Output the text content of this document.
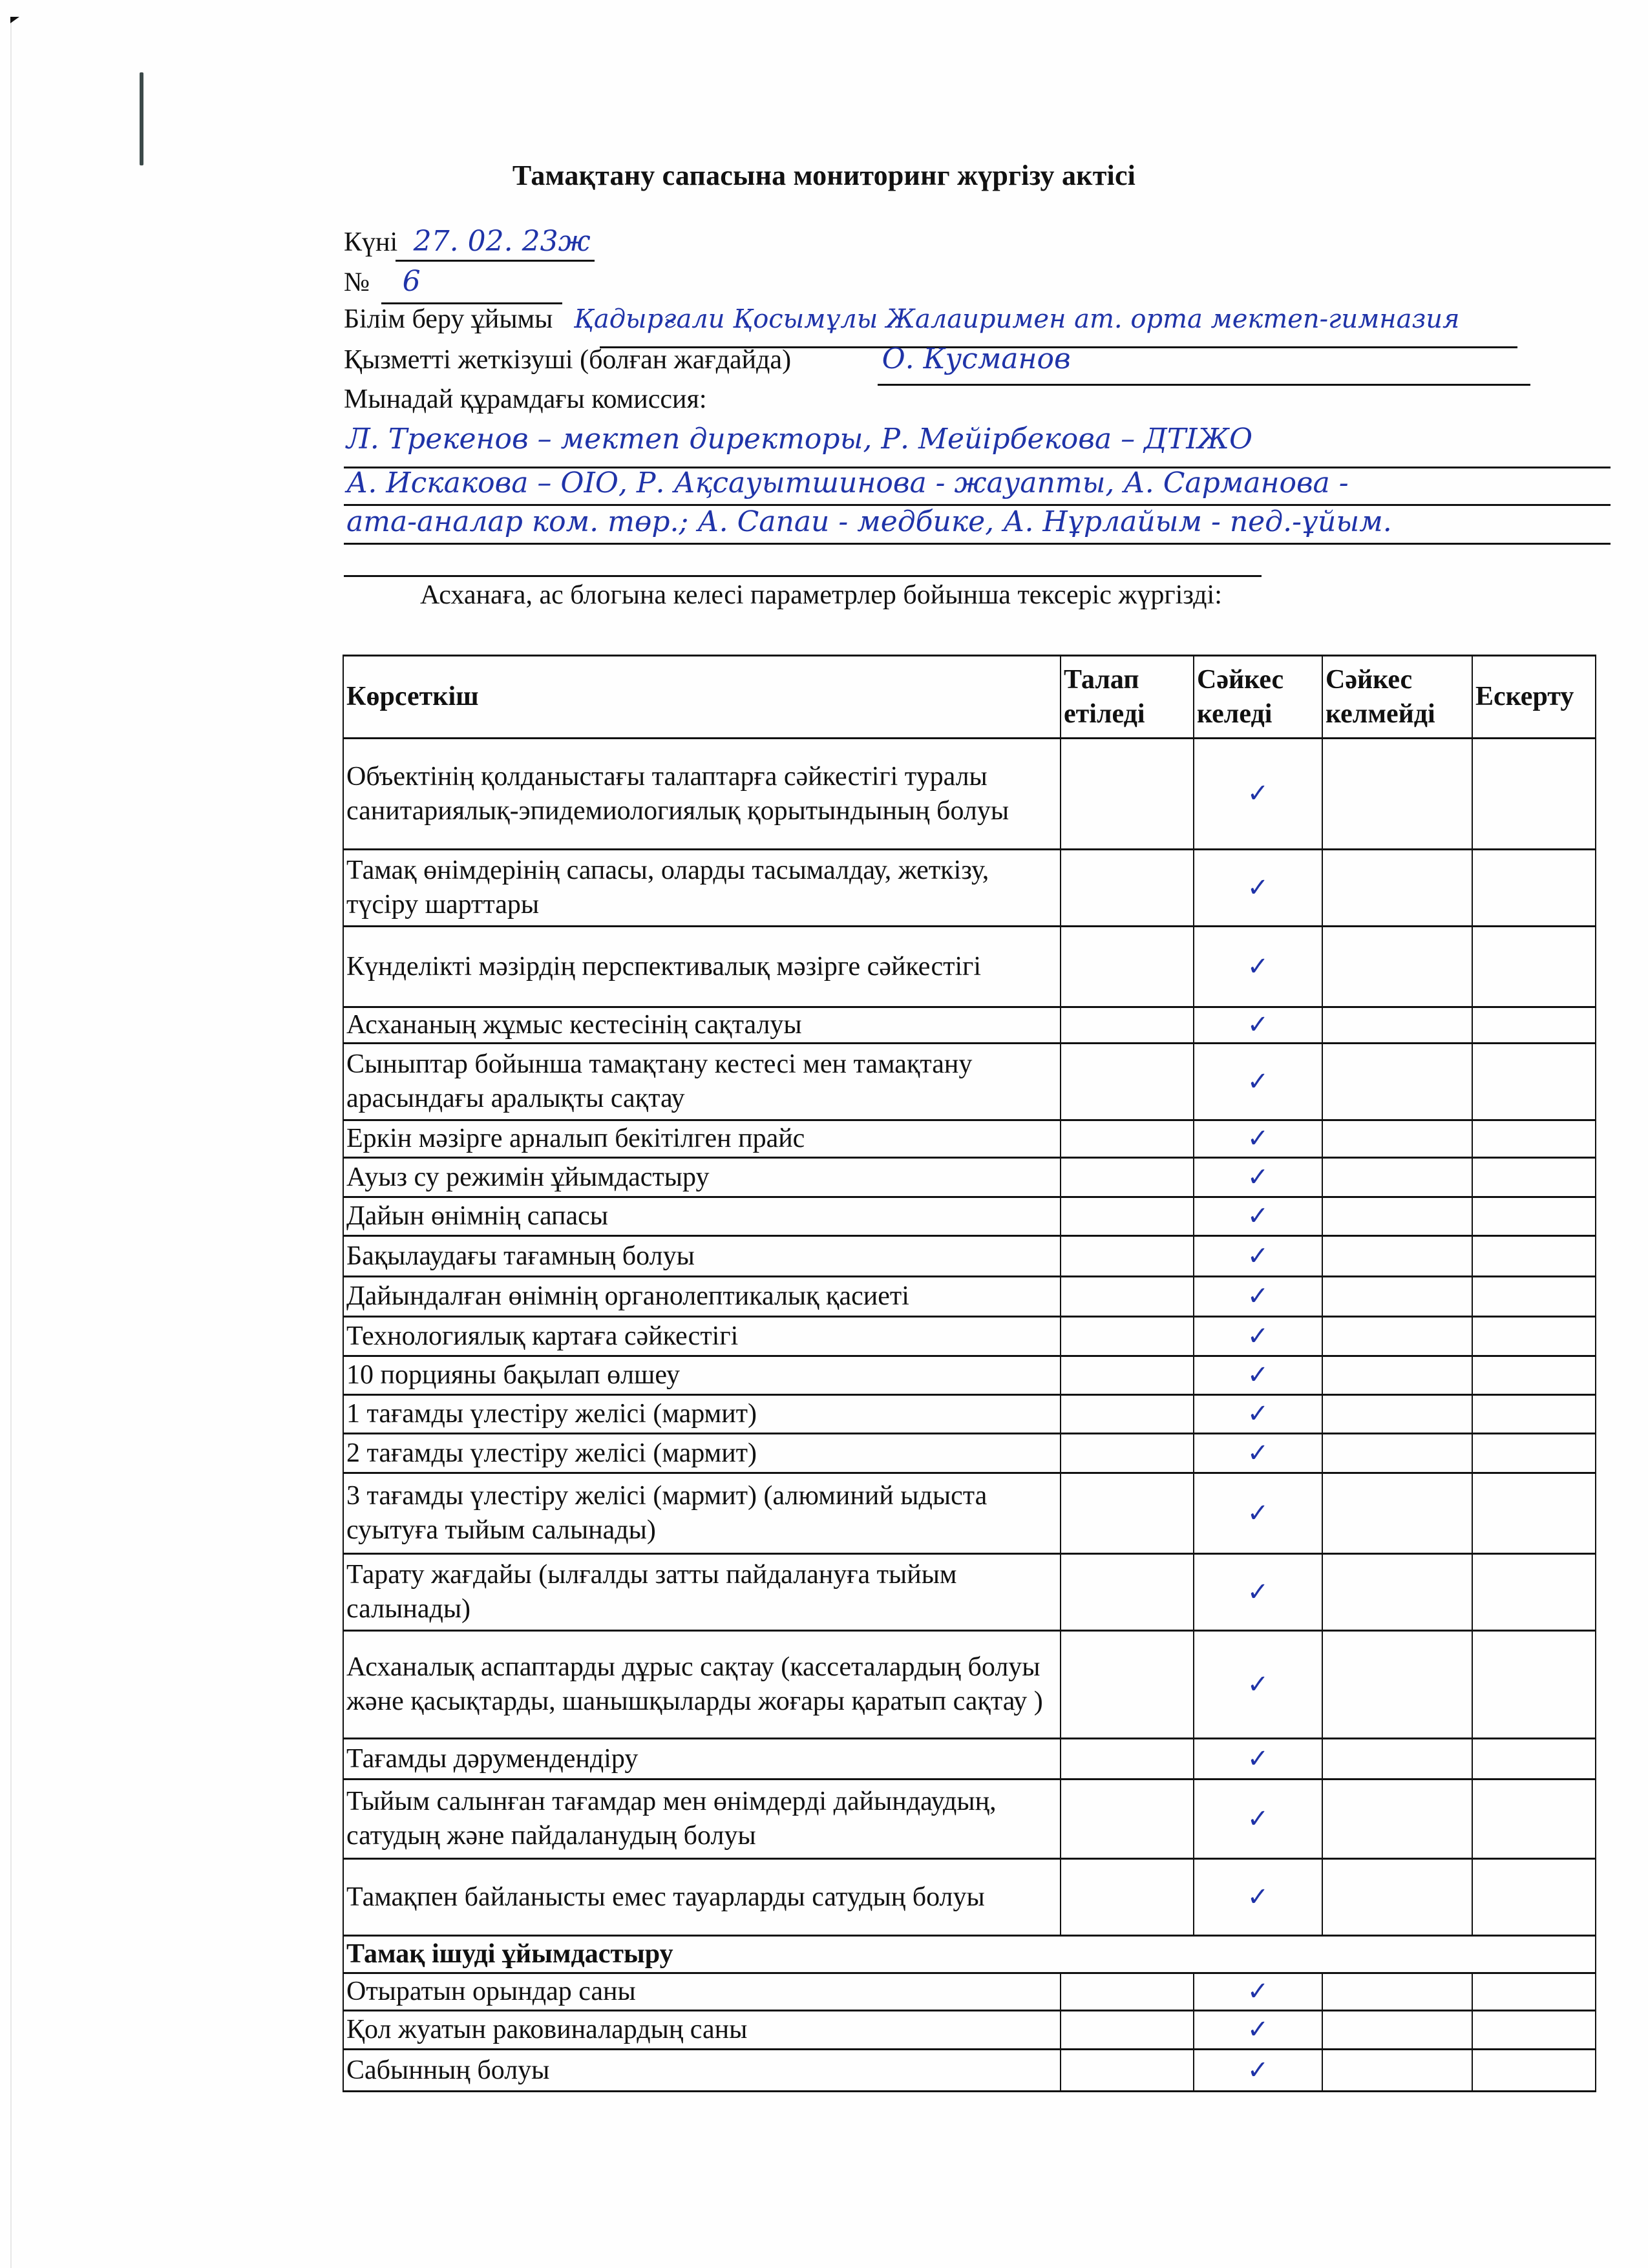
Тамақтану сапасына мониторинг жүргізу актісі
Күні 27. 02. 23ж
№ 6
Білім беру ұйымы Қадырғали Қосымұлы Жалаиримен ат. орта мектеп-гимназия
Қызметті жеткізуші (болған жағдайда)	О. Кусманов
Мынадай құрамдағы комиссия:
Л. Трекенов – мектеп директоры, Р. Мейірбекова – ДТІЖО
А. Искакова – ОІО, Р. Ақсауытшинова - жауапты, А. Сарманова -
ата-аналар ком. төр.; А. Сапаи - медбике, А. Нұрлайым - пед.-ұйым.
Асханаға, ас блогына келесі параметрлер бойынша тексеріс жүргізді:
Көрсеткіш	Талап етіледі	Сәйкес келеді	Сәйкес келмейді	Ескерту
Объектінің қолданыстағы талаптарға сәйкестігі туралы санитариялық-эпидемиологиялық қорытындының болуы		✓		
Тамақ өнімдерінің сапасы, оларды тасымалдау, жеткізу, түсіру шарттары		✓		
Күнделікті мәзірдің перспективалық мәзірге сәйкестігі		✓		
Асхананың жұмыс кестесінің сақталуы		✓		
Сыныптар бойынша тамақтану кестесі мен тамақтану арасындағы аралықты сақтау		✓		
Еркін мәзірге арналып бекітілген прайс		✓		
Ауыз су режимін ұйымдастыру		✓		
Дайын өнімнің сапасы		✓		
Бақылаудағы тағамның болуы		✓		
Дайындалған өнімнің органолептикалық қасиеті		✓		
Технологиялық картаға сәйкестігі		✓		
10 порцияны бақылап өлшеу		✓		
1 тағамды үлестіру желісі (мармит)		✓		
2 тағамды үлестіру желісі (мармит)		✓		
3 тағамды үлестіру желісі (мармит) (алюминий ыдыста суытуға тыйым салынады)		✓		
Тарату жағдайы (ылғалды затты пайдалануға тыйым салынады)		✓		
Асханалық аспаптарды дұрыс сақтау (кассеталардың болуы және қасықтарды, шанышқыларды жоғары қаратып сақтау )		✓		
Тағамды дәрумендендіру		✓		
Тыйым салынған тағамдар мен өнімдерді дайындаудың, сатудың және пайдаланудың болуы		✓		
Тамақпен байланысты емес тауарларды сатудың болуы		✓		
Тамақ ішуді ұйымдастыру				
Отыратын орындар саны		✓		
Қол жуатын раковиналардың саны		✓		
Сабынның болуы		✓		
